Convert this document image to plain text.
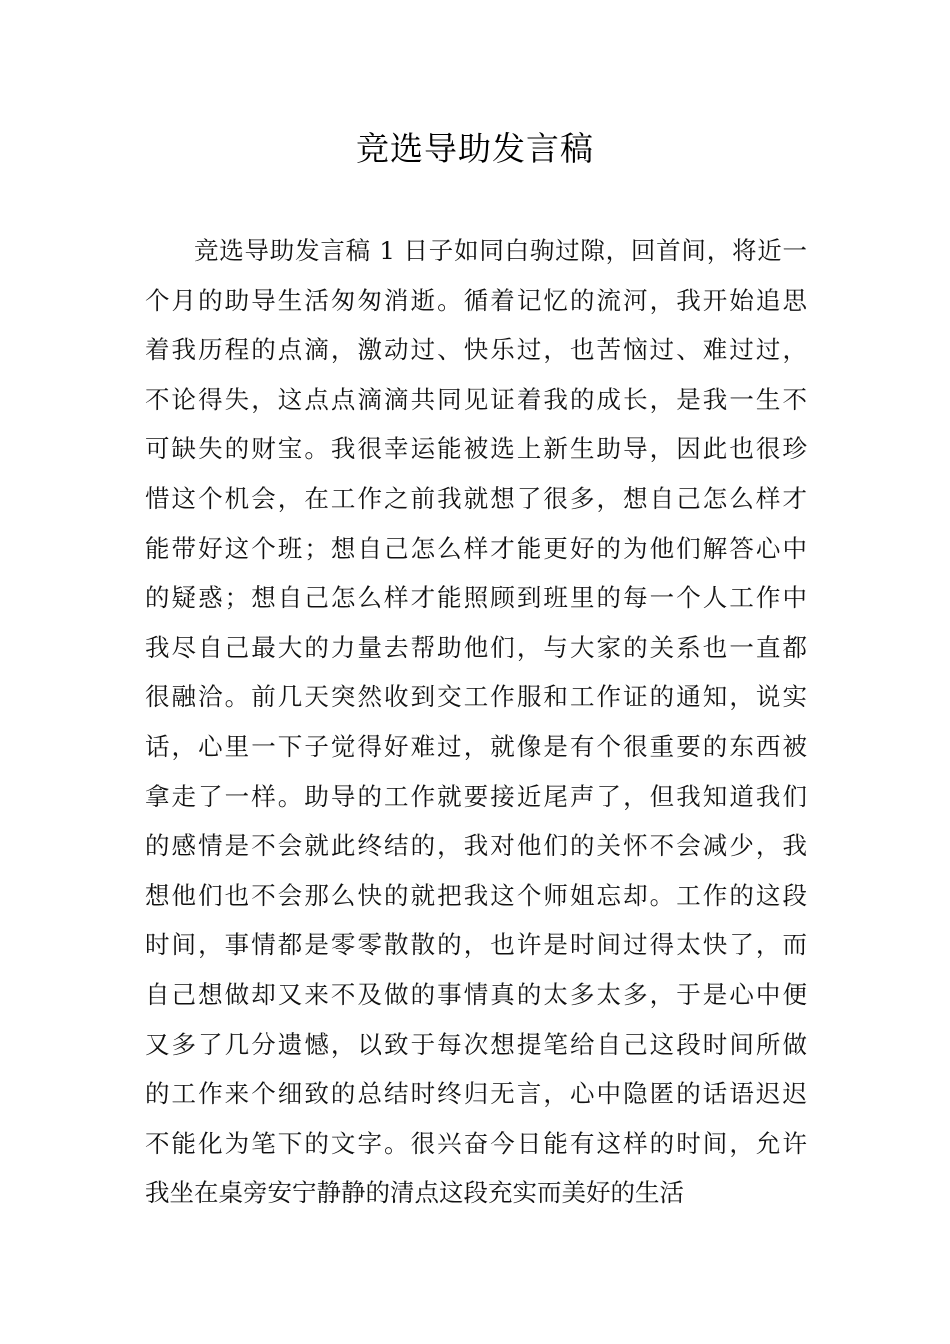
竞选导助发言稿
竞选导助发言稿 1 日子如同白驹过隙，回首间，将近一
个月的助导生活匆匆消逝。循着记忆的流河，我开始追思
着我历程的点滴，激动过、快乐过，也苦恼过、难过过，
不论得失，这点点滴滴共同见证着我的成长，是我一生不
可缺失的财宝。我很幸运能被选上新生助导，因此也很珍
惜这个机会，在工作之前我就想了很多，想自己怎么样才
能带好这个班；想自己怎么样才能更好的为他们解答心中
的疑惑；想自己怎么样才能照顾到班里的每一个人工作中
我尽自己最大的力量去帮助他们，与大家的关系也一直都
很融洽。前几天突然收到交工作服和工作证的通知，说实
话，心里一下子觉得好难过，就像是有个很重要的东西被
拿走了一样。助导的工作就要接近尾声了，但我知道我们
的感情是不会就此终结的，我对他们的关怀不会减少，我
想他们也不会那么快的就把我这个师姐忘却。工作的这段
时间，事情都是零零散散的，也许是时间过得太快了，而
自己想做却又来不及做的事情真的太多太多，于是心中便
又多了几分遗憾，以致于每次想提笔给自己这段时间所做
的工作来个细致的总结时终归无言，心中隐匿的话语迟迟
不能化为笔下的文字。很兴奋今日能有这样的时间，允许
我坐在桌旁安宁静静的清点这段充实而美好的生活
